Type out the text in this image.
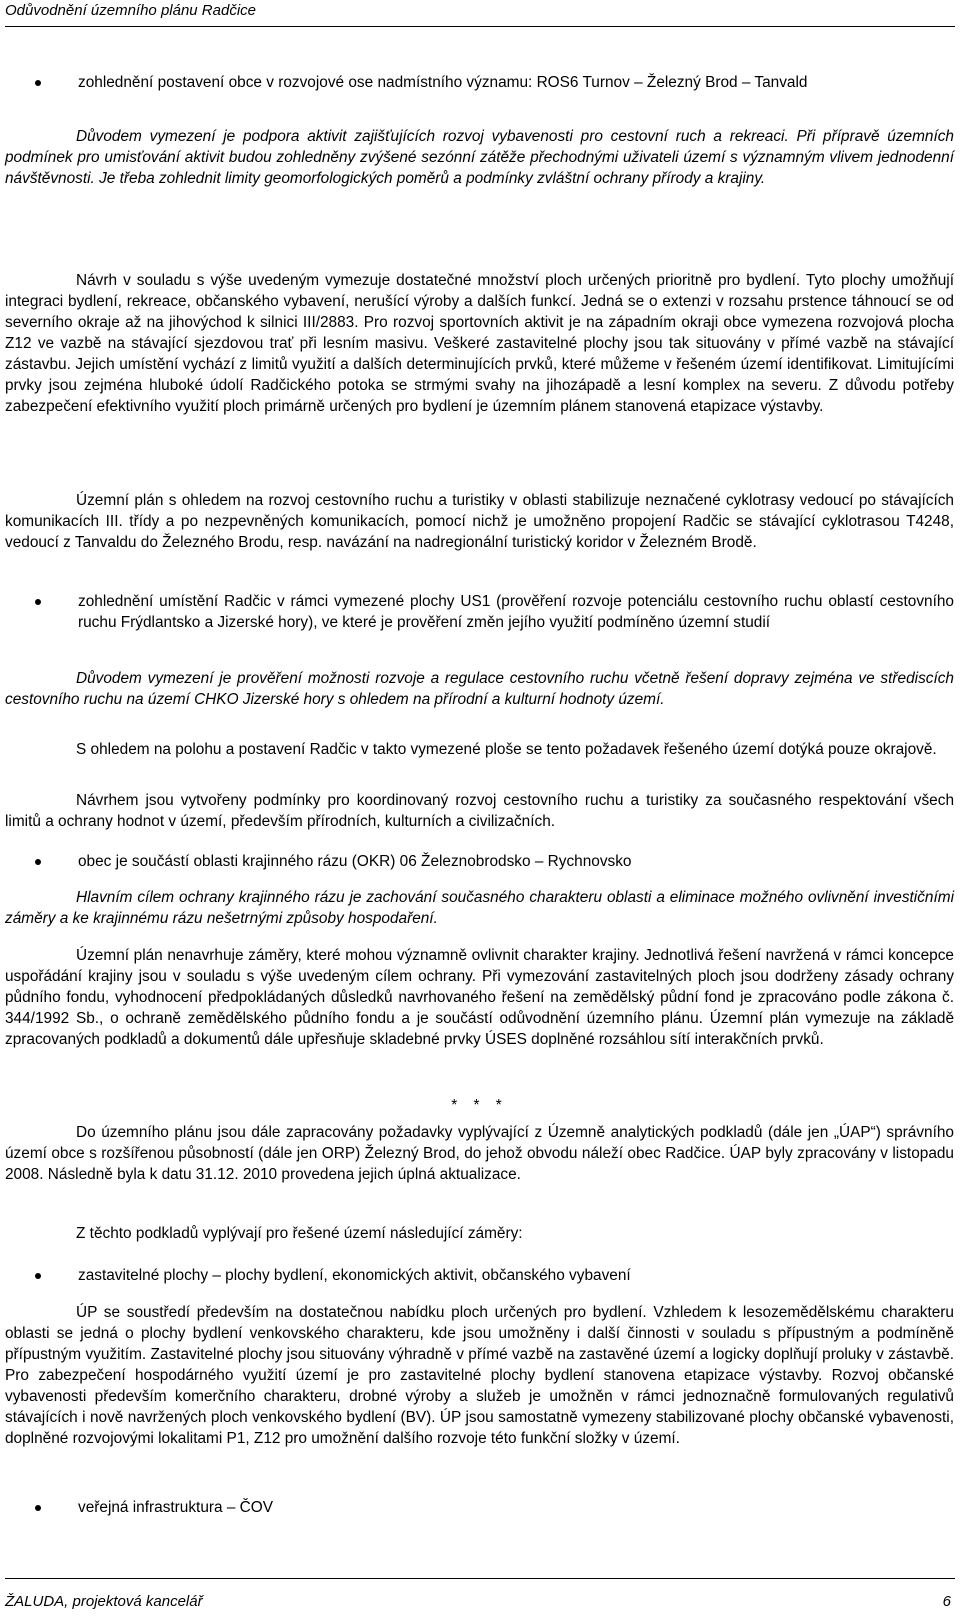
Odůvodnění územního plánu Radčice
zohlednění postavení obce v rozvojové ose nadmístního významu: ROS6 Turnov – Železný Brod – Tanvald

Důvodem vymezení je podpora aktivit zajišťujících rozvoj vybavenosti pro cestovní ruch a rekreaci. Při přípravě územních podmínek pro umisťování aktivit budou zohledněny zvýšené sezónní zátěže přechodnými uživateli území s významným vlivem jednodenní návštěvnosti. Je třeba zohlednit limity geomorfologických poměrů a podmínky zvláštní ochrany přírody a krajiny.

Návrh v souladu s výše uvedeným vymezuje dostatečné množství ploch určených prioritně pro bydlení. Tyto plochy umožňují integraci bydlení, rekreace, občanského vybavení, nerušící výroby a dalších funkcí. Jedná se o extenzi v rozsahu prstence táhnoucí se od severního okraje až na jihovýchod k silnici III/2883. Pro rozvoj sportovních aktivit je na západním okraji obce vymezena rozvojová plocha Z12 ve vazbě na stávající sjezdovou trať při lesním masivu. Veškeré zastavitelné plochy jsou tak situovány v přímé vazbě na stávající zástavbu. Jejich umístění vychází z limitů využití a dalších determinujících prvků, které můžeme v řešeném území identifikovat. Limitujícími prvky jsou zejména hluboké údolí Radčického potoka se strmými svahy na jihozápadě a lesní komplex na severu. Z důvodu potřeby zabezpečení efektivního využití ploch primárně určených pro bydlení je územním plánem stanovená etapizace výstavby.

Územní plán s ohledem na rozvoj cestovního ruchu a turistiky v oblasti stabilizuje neznačené cyklotrasy vedoucí po stávajících komunikacích III. třídy a po nezpevněných komunikacích, pomocí nichž je umožněno propojení Radčic se stávající cyklotrasou T4248, vedoucí z Tanvaldu do Železného Brodu, resp. navázání na nadregionální turistický koridor v Železném Brodě.

zohlednění umístění Radčic v rámci vymezené plochy US1 (prověření rozvoje potenciálu cestovního ruchu oblastí cestovního ruchu Frýdlantsko a Jizerské hory), ve které je prověření změn jejího využití podmíněno územní studií

Důvodem vymezení je prověření možnosti rozvoje a regulace cestovního ruchu včetně řešení dopravy zejména ve střediscích cestovního ruchu na území CHKO Jizerské hory s ohledem na přírodní a kulturní hodnoty území.

S ohledem na polohu a postavení Radčic v takto vymezené ploše se tento požadavek řešeného území dotýká pouze okrajově.

Návrhem jsou vytvořeny podmínky pro koordinovaný rozvoj cestovního ruchu a turistiky za současného respektování všech limitů a ochrany hodnot v území, především přírodních, kulturních a civilizačních.

obec je součástí oblasti krajinného rázu (OKR) 06 Železnobrodsko – Rychnovsko

Hlavním cílem ochrany krajinného rázu je zachování současného charakteru oblasti a eliminace možného ovlivnění investičními záměry a ke krajinnému rázu nešetrnými způsoby hospodaření.

Územní plán nenavrhuje záměry, které mohou významně ovlivnit charakter krajiny. Jednotlivá řešení navržená v rámci koncepce uspořádání krajiny jsou v souladu s výše uvedeným cílem ochrany. Při vymezování zastavitelných ploch jsou dodrženy zásady ochrany půdního fondu, vyhodnocení předpokládaných důsledků navrhovaného řešení na zemědělský půdní fond je zpracováno podle zákona č. 344/1992 Sb., o ochraně zemědělského půdního fondu a je součástí odůvodnění územního plánu. Územní plán vymezuje na základě zpracovaných podkladů a dokumentů dále upřesňuje skladebné prvky ÚSES doplněné rozsáhlou sítí interakčních prvků.

* * *

Do územního plánu jsou dále zapracovány požadavky vyplývající z Územně analytických podkladů (dále jen „ÚAP“) správního území obce s rozšířenou působností (dále jen ORP) Železný Brod, do jehož obvodu náleží obec Radčice. ÚAP byly zpracovány v listopadu 2008. Následně byla k datu 31.12. 2010 provedena jejich úplná aktualizace.

Z těchto podkladů vyplývají pro řešené území následující záměry:

zastavitelné plochy – plochy bydlení, ekonomických aktivit, občanského vybavení

ÚP se soustředí především na dostatečnou nabídku ploch určených pro bydlení. Vzhledem k lesozemědělskému charakteru oblasti se jedná o plochy bydlení venkovského charakteru, kde jsou umožněny i další činnosti v souladu s přípustným a podmíněně přípustným využitím. Zastavitelné plochy jsou situovány výhradně v přímé vazbě na zastavěné území a logicky doplňují proluky v zástavbě. Pro zabezpečení hospodárného využití území je pro zastavitelné plochy bydlení stanovena etapizace výstavby. Rozvoj občanské vybavenosti především komerčního charakteru, drobné výroby a služeb je umožněn v rámci jednoznačně formulovaných regulativů stávajících i nově navržených ploch venkovského bydlení (BV). ÚP jsou samostatně vymezeny stabilizované plochy občanské vybavenosti, doplněné rozvojovými lokalitami P1, Z12 pro umožnění dalšího rozvoje této funkční složky v území.

veřejná infrastruktura – ČOV
ŽALUDA, projektová kancelář	6
